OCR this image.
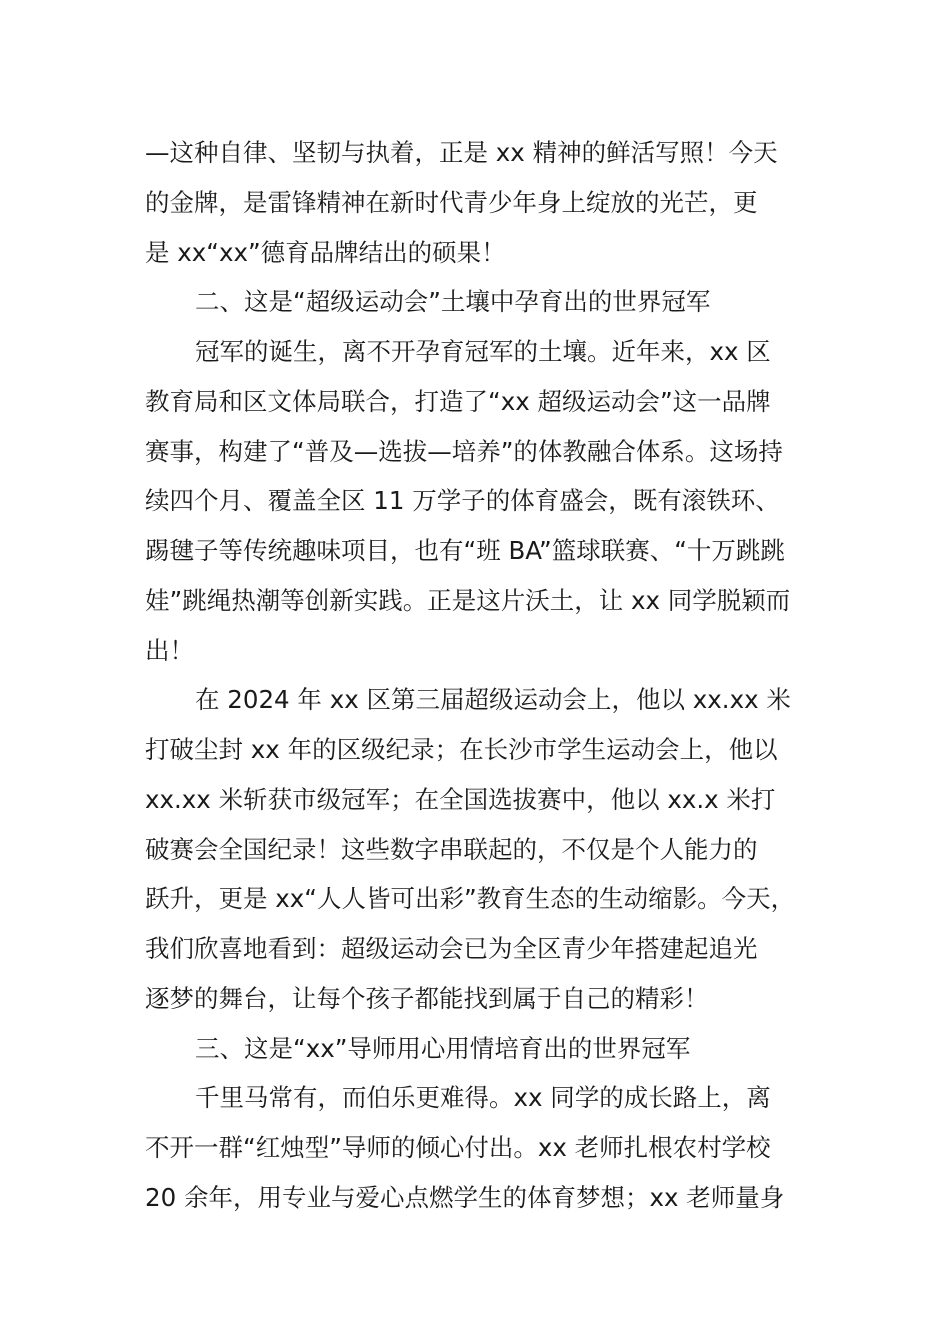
—这种自律、坚韧与执着，正是 xx 精神的鲜活写照！今天
的金牌，是雷锋精神在新时代青少年身上绽放的光芒，更
是 xx“xx”德育品牌结出的硕果！
二、这是“超级运动会”土壤中孕育出的世界冠军
冠军的诞生，离不开孕育冠军的土壤。近年来，xx 区
教育局和区文体局联合，打造了“xx 超级运动会”这一品牌
赛事，构建了“普及—选拔—培养”的体教融合体系。这场持
续四个月、覆盖全区 11 万学子的体育盛会，既有滚铁环、
踢毽子等传统趣味项目，也有“班 BA”篮球联赛、“十万跳跳
娃”跳绳热潮等创新实践。正是这片沃土，让 xx 同学脱颖而
出！
在 2024 年 xx 区第三届超级运动会上，他以 xx.xx 米
打破尘封 xx 年的区级纪录；在长沙市学生运动会上，他以
xx.xx 米斩获市级冠军；在全国选拔赛中，他以 xx.x 米打
破赛会全国纪录！这些数字串联起的，不仅是个人能力的
跃升，更是 xx“人人皆可出彩”教育生态的生动缩影。今天，
我们欣喜地看到：超级运动会已为全区青少年搭建起追光
逐梦的舞台，让每个孩子都能找到属于自己的精彩！
三、这是“xx”导师用心用情培育出的世界冠军
千里马常有，而伯乐更难得。xx 同学的成长路上，离
不开一群“红烛型”导师的倾心付出。xx 老师扎根农村学校
20 余年，用专业与爱心点燃学生的体育梦想；xx 老师量身
